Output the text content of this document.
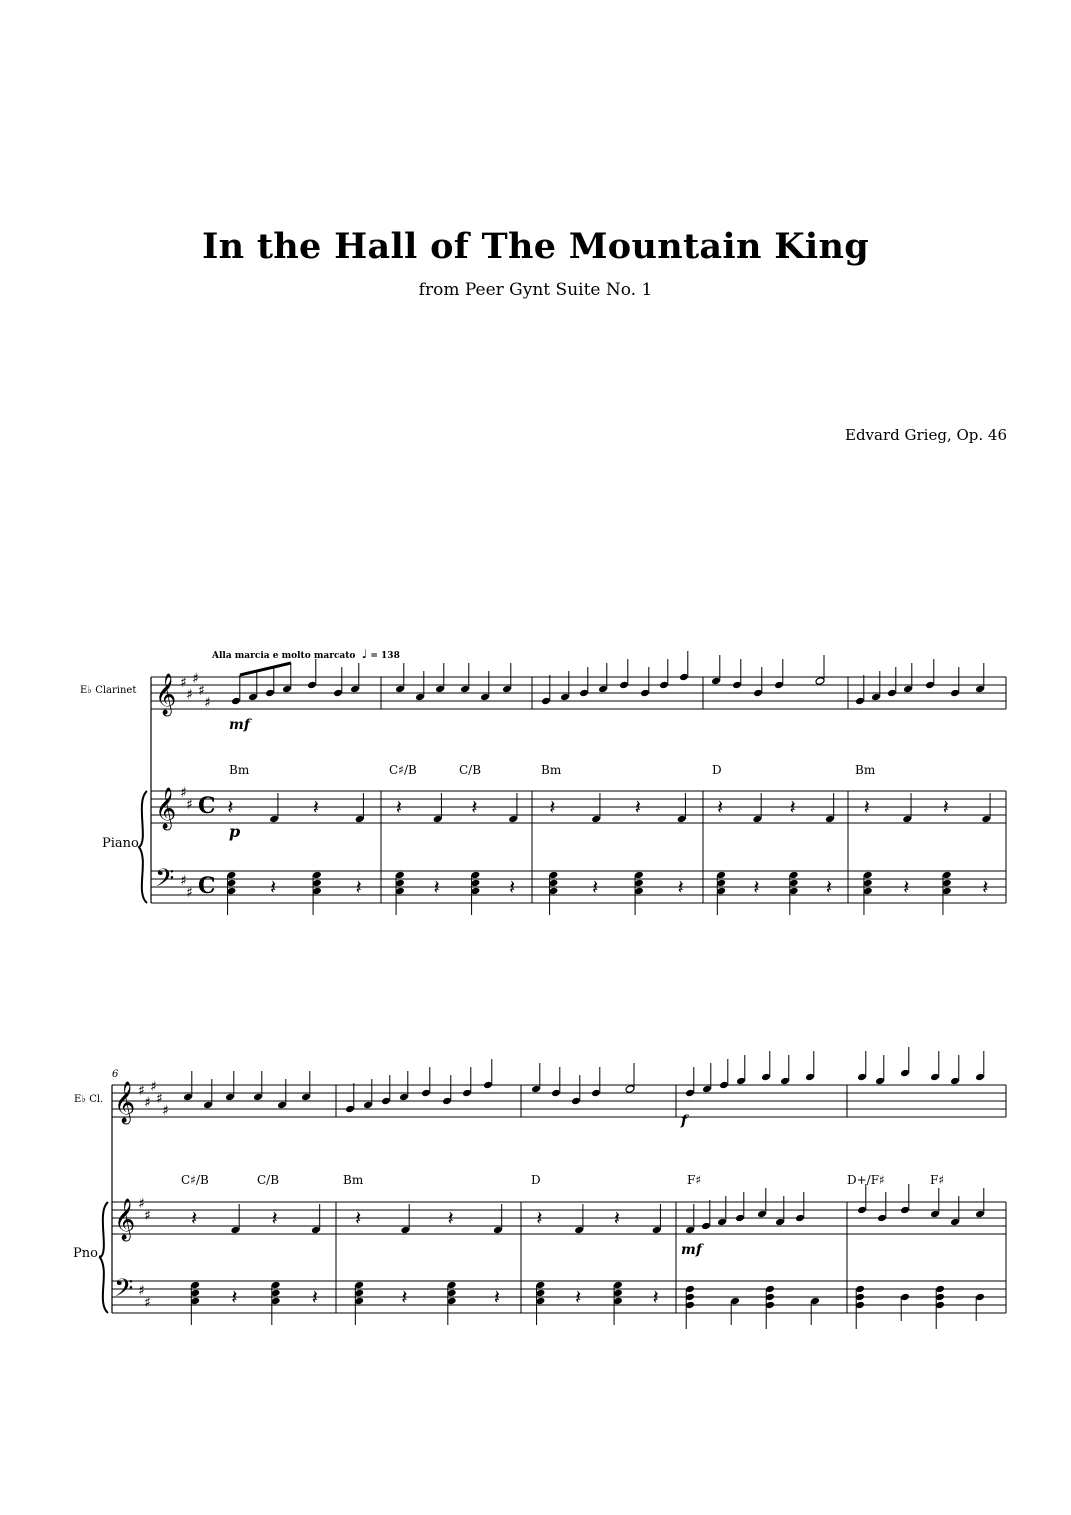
In the Hall of The Mountain King
from Peer Gynt Suite No. 1
Edvard Grieg, Op. 46
Alla marcia e molto marcato ♩ = 138
E♭ Clarinet
Piano
Bm	C♯/B	C/B	Bm	D	Bm
mf
p
6
E♭ Cl.
Pno.
C♯/B	C/B	Bm	D	F♯	D+/F♯	F♯
f
mf
𝄞
𝄞
𝄢
♯
♯
♯
♯
♯
♯
♯
♯
♯
C
C
𝄽	𝄽	𝄽	𝄽	𝄽	𝄽	𝄽	𝄽	𝄽	𝄽
𝄽	𝄽	𝄽	𝄽	𝄽	𝄽	𝄽	𝄽	𝄽	𝄽
𝄞
𝄞
𝄢
♯
♯
♯
♯
♯
♯
♯
♯
♯
𝄽	𝄽
𝄽	𝄽
𝄽	𝄽
𝄽	𝄽
𝄽	𝄽
𝄽	𝄽
